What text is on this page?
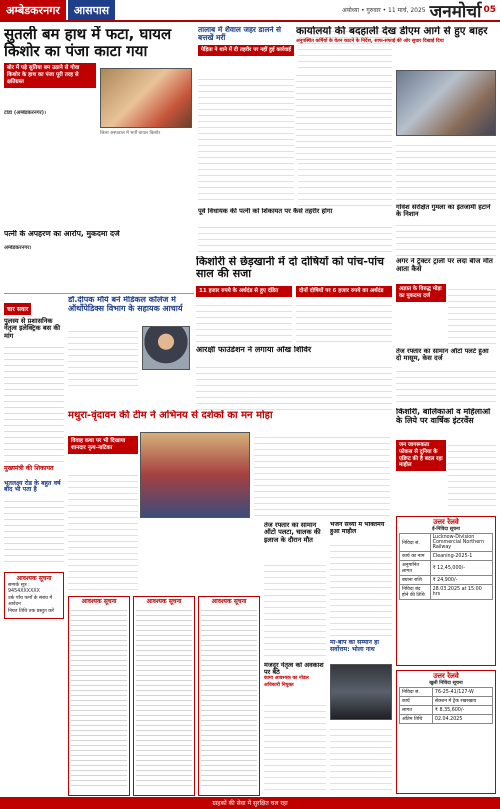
अम्बेडकरनगर	आसपास	अयोध्या • गुरुवार • 11 मार्च, 2025 जनमोर्चा 05
सुतली बम हाथ में फटा, घायल किशोर का पंजा काटा गया
बोर में पड़े सुतिया बम उठाने से गोवा किशोर के हाथ का पंजा पूरी तरह से क्षतिग्रस्त
जिला अस्पताल में भर्ती घायल किशोर
टांडा (अम्बेडकरनगर)।
पत्नी के अपहरण का आरोप, मुकदमा दर्ज
अम्बेडकरनगर।
चार सवार
पुलस्य से प्रशासनिक नेतृत्व इलेक्ट्रिक बस की मांग
मुख्यमंत्री की शिकायत
भूतलक्ष्य रोड के बहुत वर्ष बाद भी पता है
आवश्यक सूचना
सम्पर्क सूत्र : 9454XXXXXX
उर्फ़ पाँच फर्मों के संबंध में आवेदन
नियत तिथि तक प्रस्तुत करें
डॉ.दीपक मौर्य बने मेडिकल कॉलेज में ऑर्थोपेडिक्स विभाग के सहायक आचार्य
आरक्षी फाउंडेशन ने लगाया आँख शिविर
मथुरा-वृंदावन की टीम ने अभिनय से दर्शकों का मन मोहा
विवाह कथा पर भी दिखाया शानदार नृत्य-नाटिका
आवश्यक सूचना	आवश्यक सूचना	आवश्यक सूचना
तालाब में शैवाल जहर डालने से बत्तखें मरीं
पेड़िता ने थाने में दी तहरीर पर नहीं हुई कार्रवाई
पूर्व विधायक की पत्नी को शिकायत पर कैसे तहरीर होगा
किशोरी से छेड़खानी में दो दोषियों को पांच-पांच साल की सजा
11 हजार रुपये के अर्थदंड से हुए दंडित	दोनों दोषियों पर 6 हजार रुपये का अर्थदंड
तेज रफ्तार का सामान ऑटो पलटा, चालक की इलाज के दौरान मौत
मजदूर नेतृत्व को अवकाश पर बैठे
कामा आवश्यक का नोडल अधिकारी नियुक्त
भजन संध्या में भक्तिमय हुआ माहौल
माँ-बाप का सम्मान ही सर्वोत्तम: भोला नाथ
कार्यालयों की बदहाली देख डीएम आगे से हुए बाहर
अनुपस्थित कर्मियों के वेतन काटने के निर्देश, साफ-सफाई की ओर सुधार दिखाई दिया
गोवंश संरक्षित गुमला का इंतजामी हटाने के निशान
अगर ने ट्रैक्टर ट्राली पर लदा बीज मौत आता कैसे
अज्ञात के विरुद्ध मोड़ा का मुकदमा दर्ज
तेज रफ्तार का सामान ऑटो पलटे हुआ दो मासूम, केस दर्ज
किशोरी, बालिकाओं व महिलाओं के लिये पर वार्षिक इंटरवेंस
जन जागरूकता फोकस से दुनिया के एडिप्ट की है बदल रहा माहौल
उत्तर रेलवे
ई-निविदा सूचना
निविदा सं.	Lucknow-Division Commercial Northern Railway
कार्य का नाम	Cleaning-2025-1
अनुमानित लागत	₹ 12,45,000/-
बयाना राशि	₹ 24,900/-
निविदा बंद होने की तिथि	28.03.2025 at 15:00 hrs
उत्तर रेलवे
खुली निविदा सूचना
निविदा सं.	76-25-41/127-W
कार्य	सेक्शन में ट्रैक रखरखाव
लागत	₹ 8,35,600/-
अंतिम तिथि	02.04.2025
ग्राहकों की सेवा में सुरक्षित चल रहा
